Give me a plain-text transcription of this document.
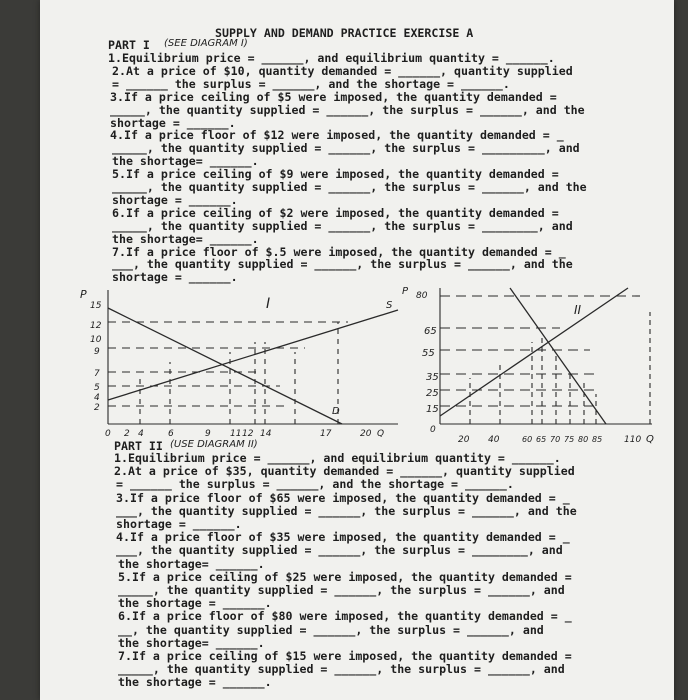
SUPPLY AND DEMAND PRACTICE EXERCISE A
PART I (SEE DIAGRAM I)
1.Equilibrium price = ______, and equilibrium quantity = ______.
2.At a price of $10, quantity demanded = ______, quantity supplied
= ______ the surplus = ______, and the shortage = ______.
3.If a price ceiling of $5 were imposed, the quantity demanded =
_____, the quantity supplied = ______, the surplus = ______, and the
shortage = ______.
4.If a price floor of $12 were imposed, the quantity demanded = _
_____, the quantity supplied = ______, the surplus = _________, and
the shortage= ______.
5.If a price ceiling of $9 were imposed, the quantity demanded =
_____, the quantity supplied = ______, the surplus = ______, and the
shortage = ______.
6.If a price ceiling of $2 were imposed, the quantity demanded =
_____, the quantity supplied = ______, the surplus = ________, and
the shortage= ______.
7.If a price floor of $.5 were imposed, the quantity demanded = _
___, the quantity supplied = ______, the surplus = ______, and the
shortage = ______.
I
P
S
D
15
12
10
9
7
5
4
2
0 2 4	6	9 11 12 14	17	20 Q
II
P 80
65
55
35
25
15
0
20 40	60 65 70 75 80 85 110 Q
PART II (USE DIAGRAM II)
1.Equilibrium price = ______, and equilibrium quantity = ______.
2.At a price of $35, quantity demanded = ______, quantity supplied
= ______ the surplus = ______, and the shortage = ______.
3.If a price floor of $65 were imposed, the quantity demanded = _
___, the quantity supplied = ______, the surplus = ______, and the
shortage = ______.
4.If a price floor of $35 were imposed, the quantity demanded = _
___, the quantity supplied = ______, the surplus = ________, and
the shortage= ______.
5.If a price ceiling of $25 were imposed, the quantity demanded =
_____, the quantity supplied = ______, the surplus = ______, and
the shortage = ______.
6.If a price floor of $80 were imposed, the quantity demanded = _
__, the quantity supplied = ______, the surplus = ______, and
the shortage= ______.
7.If a price ceiling of $15 were imposed, the quantity demanded =
_____, the quantity supplied = ______, the surplus = ______, and
the shortage = ______.
